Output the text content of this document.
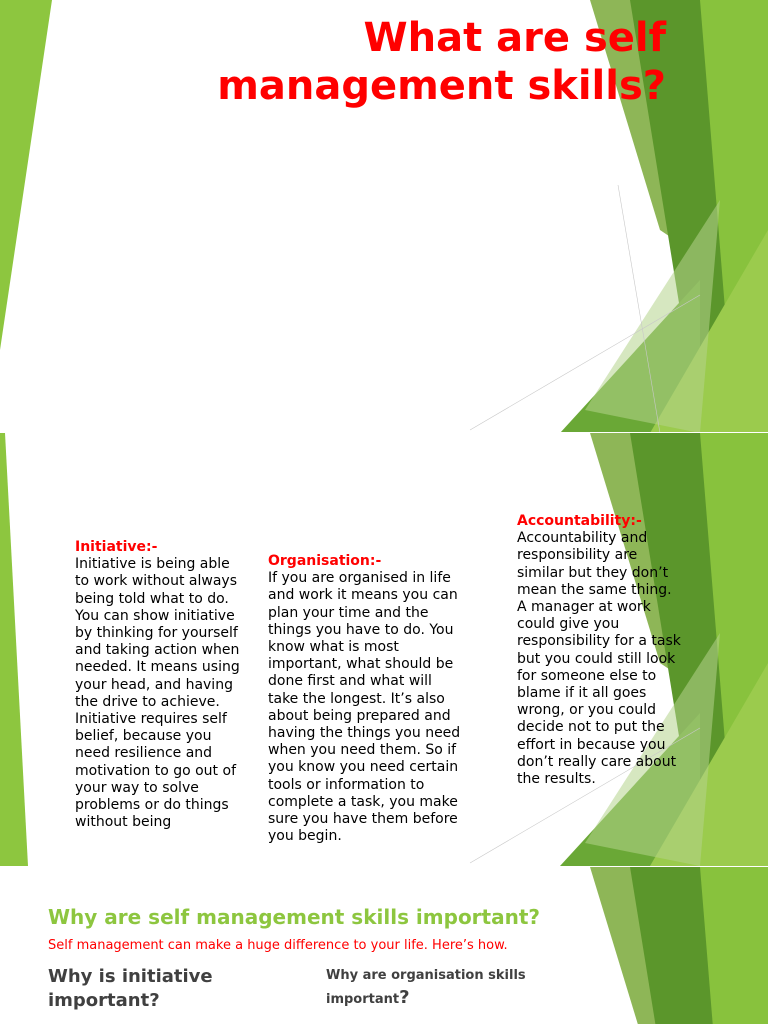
What are self management skills?
Initiative:-
Initiative is being able to work without always being told what to do. You can show initiative by thinking for yourself and taking action when needed. It means using your head, and having the drive to achieve. Initiative requires self belief, because you need resilience and motivation to go out of your way to solve problems or do things without being
Organisation:-
If you are organised in life and work it means you can plan your time and the things you have to do. You know what is most important, what should be done first and what will take the longest. It’s also about being prepared and having the things you need when you need them. So if you know you need certain tools or information to complete a task, you make sure you have them before you begin.
Accountability:-
Accountability and responsibility are similar but they don’t mean the same thing. A manager at work could give you responsibility for a task but you could still look for someone else to blame if it all goes wrong, or you could decide not to put the effort in because you don’t really care about the results.
Why are self management skills important?
Self management can make a huge difference to your life. Here’s how.
Why is initiative important?
Why are organisation skills important?
